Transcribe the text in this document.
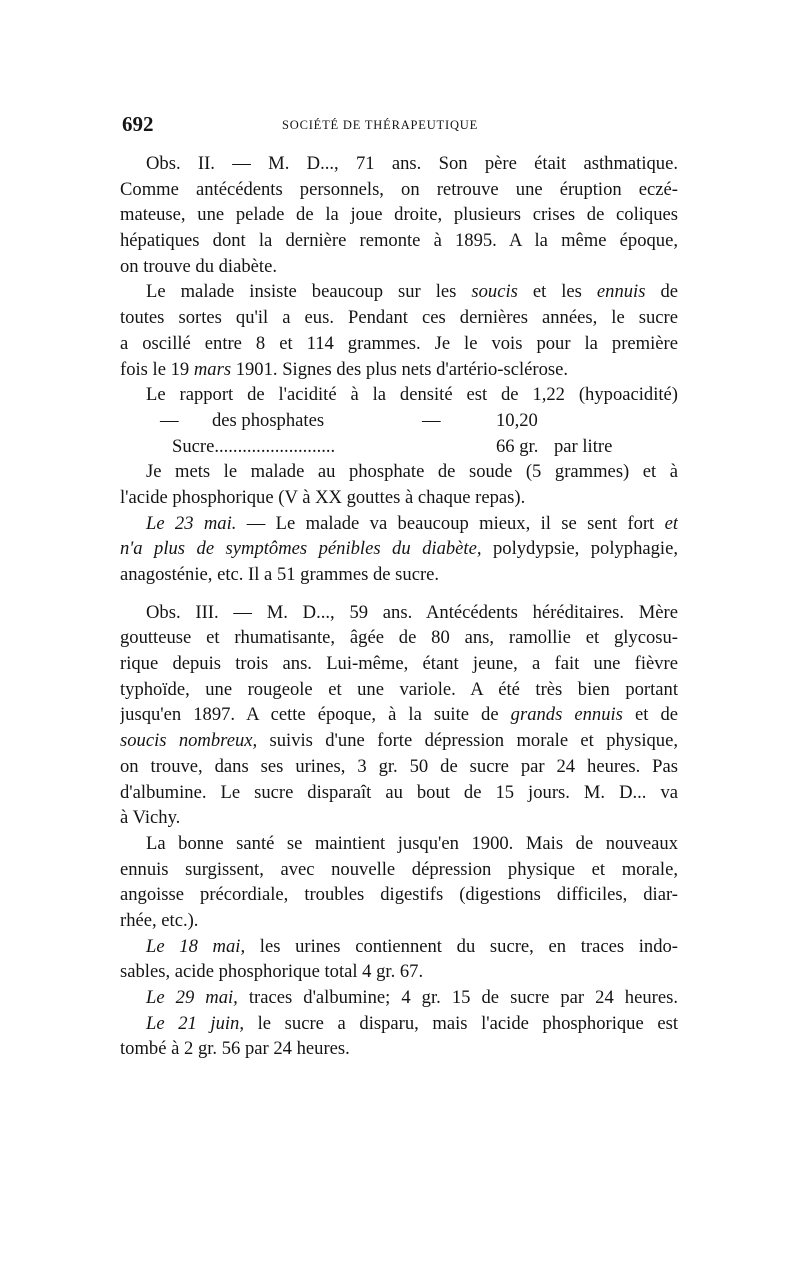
692	SOCIÉTÉ DE THÉRAPEUTIQUE
Obs. II. — M. D..., 71 ans. Son père était asthmatique.
Comme antécédents personnels, on retrouve une éruption eczé-
mateuse, une pelade de la joue droite, plusieurs crises de coliques
hépatiques dont la dernière remonte à 1895. A la même époque,
on trouve du diabète.
Le malade insiste beaucoup sur les soucis et les ennuis de
toutes sortes qu'il a eus. Pendant ces dernières années, le sucre
a oscillé entre 8 et 114 grammes. Je le vois pour la première
fois le 19 mars 1901. Signes des plus nets d'artério-sclérose.
Le rapport de l'acidité à la densité est de 1,22 (hypoacidité)
— des phosphates	—	10,20
Sucre..........................	66 gr. par litre
Je mets le malade au phosphate de soude (5 grammes) et à
l'acide phosphorique (V à XX gouttes à chaque repas).
Le 23 mai. — Le malade va beaucoup mieux, il se sent fort et
n'a plus de symptômes pénibles du diabète, polydypsie, polyphagie,
anagosténie, etc. Il a 51 grammes de sucre.
Obs. III. — M. D..., 59 ans. Antécédents héréditaires. Mère
goutteuse et rhumatisante, âgée de 80 ans, ramollie et glycosu-
rique depuis trois ans. Lui-même, étant jeune, a fait une fièvre
typhoïde, une rougeole et une variole. A été très bien portant
jusqu'en 1897. A cette époque, à la suite de grands ennuis et de
soucis nombreux, suivis d'une forte dépression morale et physique,
on trouve, dans ses urines, 3 gr. 50 de sucre par 24 heures. Pas
d'albumine. Le sucre disparaît au bout de 15 jours. M. D... va
à Vichy.
La bonne santé se maintient jusqu'en 1900. Mais de nouveaux
ennuis surgissent, avec nouvelle dépression physique et morale,
angoisse précordiale, troubles digestifs (digestions difficiles, diar-
rhée, etc.).
Le 18 mai, les urines contiennent du sucre, en traces indo-
sables, acide phosphorique total 4 gr. 67.
Le 29 mai, traces d'albumine; 4 gr. 15 de sucre par 24 heures.
Le 21 juin, le sucre a disparu, mais l'acide phosphorique est
tombé à 2 gr. 56 par 24 heures.
